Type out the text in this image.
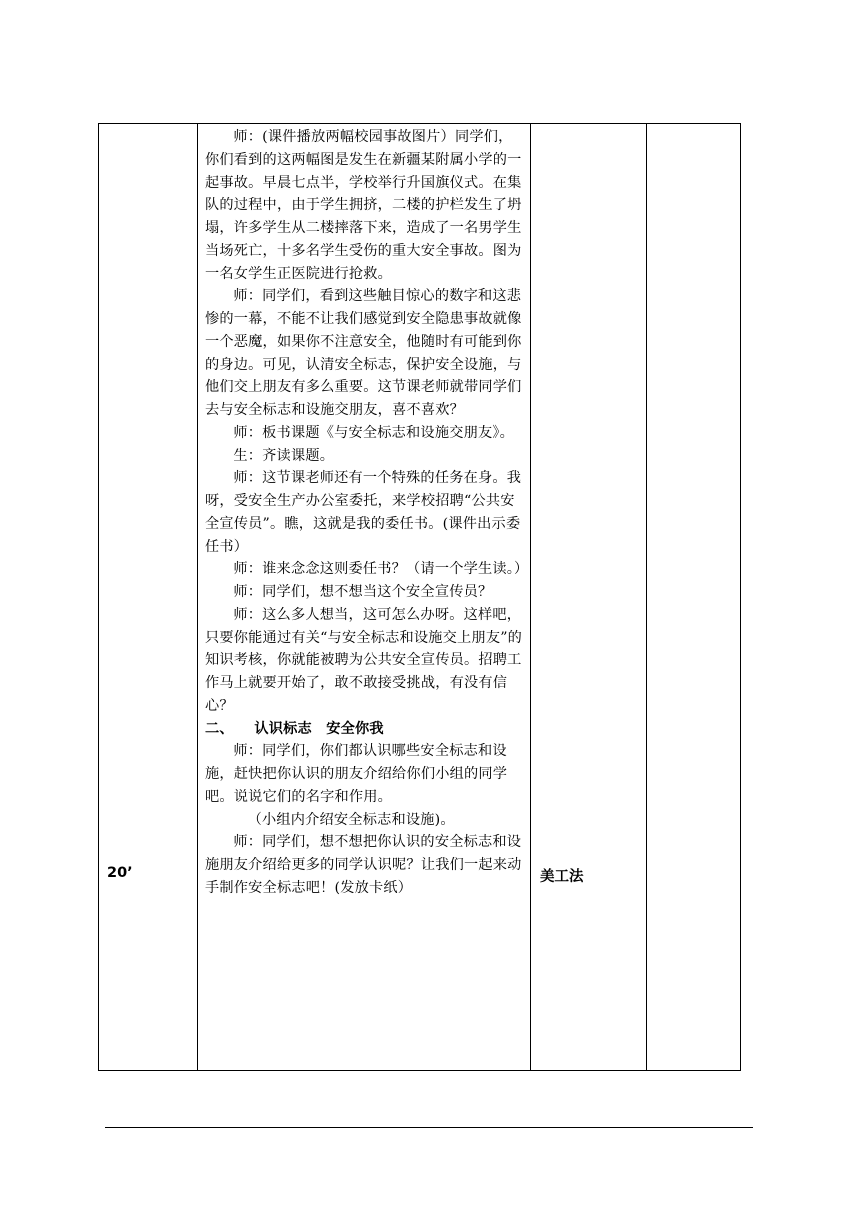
20’

师：(课件播放两幅校园事故图片）同学们，你们看到的这两幅图是发生在新疆某附属小学的一起事故。早晨七点半，学校举行升国旗仪式。在集队的过程中，由于学生拥挤，二楼的护栏发生了坍塌，许多学生从二楼摔落下来，造成了一名男学生当场死亡，十多名学生受伤的重大安全事故。图为一名女学生正医院进行抢救。

师：同学们，看到这些触目惊心的数字和这悲惨的一幕，不能不让我们感觉到安全隐患事故就像一个恶魔，如果你不注意安全，他随时有可能到你的身边。可见，认清安全标志，保护安全设施，与他们交上朋友有多么重要。这节课老师就带同学们去与安全标志和设施交朋友，喜不喜欢？

师：板书课题《与安全标志和设施交朋友》。

生：齐读课题。

师：这节课老师还有一个特殊的任务在身。我呀，受安全生产办公室委托，来学校招聘“公共安全宣传员”。瞧，这就是我的委任书。(课件出示委任书）

师：谁来念念这则委任书？（请一个学生读。）

师：同学们，想不想当这个安全宣传员？

师：这么多人想当，这可怎么办呀。这样吧，只要你能通过有关“与安全标志和设施交上朋友”的知识考核，你就能被聘为公共安全宣传员。招聘工作马上就要开始了，敢不敢接受挑战，有没有信心？

二、    认识标志　安全你我

师：同学们，你们都认识哪些安全标志和设施，赶快把你认识的朋友介绍给你们小组的同学吧。说说它们的名字和作用。

（小组内介绍安全标志和设施)。

师：同学们，想不想把你认识的安全标志和设施朋友介绍给更多的同学认识呢？让我们一起来动手制作安全标志吧！(发放卡纸）

美工法
